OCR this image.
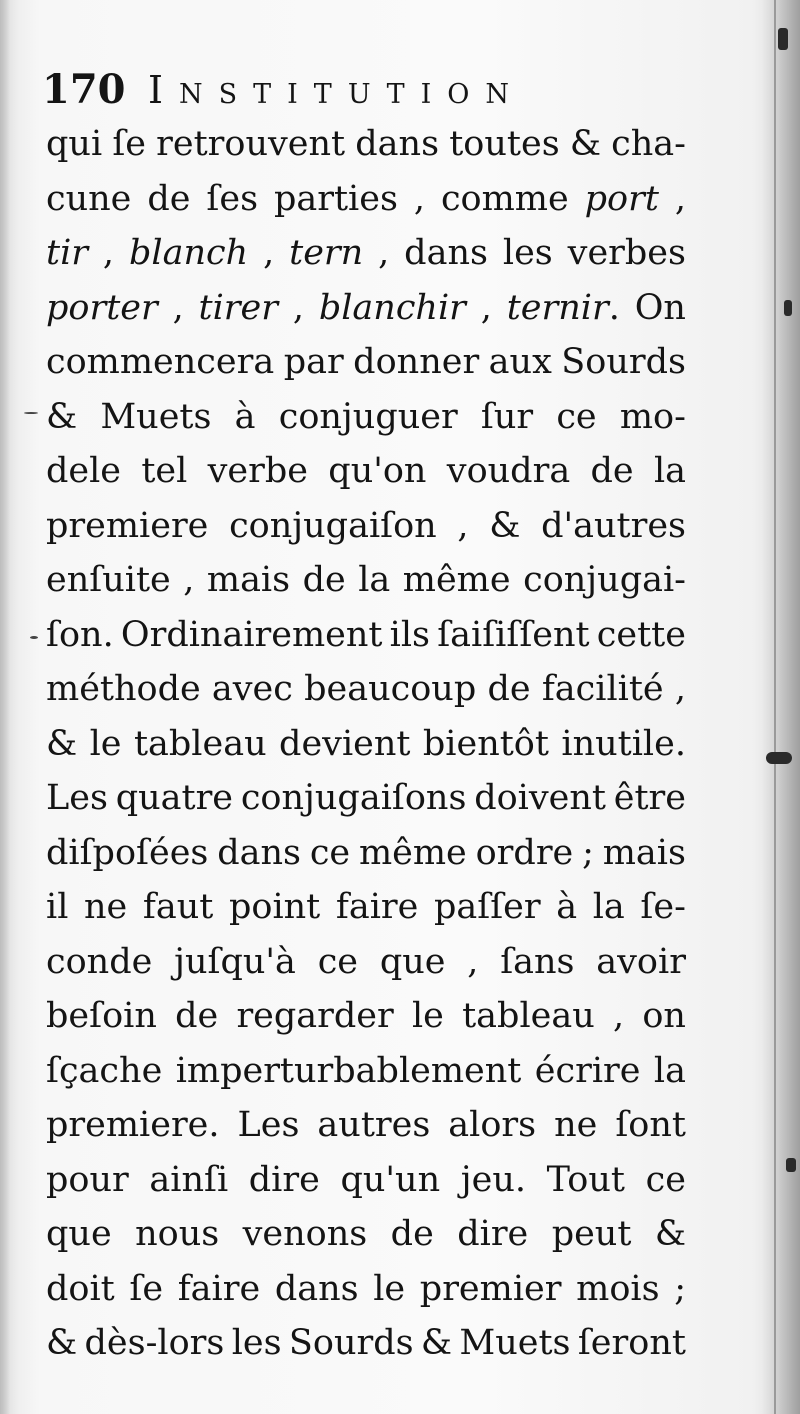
170 Institution
qui ſe retrouvent dans toutes & cha-
cune de ſes parties , comme port ,
tir , blanch , tern , dans les verbes
porter , tirer , blanchir , ternir. On
commencera par donner aux Sourds
& Muets à conjuguer ſur ce mo-
dele tel verbe qu'on voudra de la
premiere conjugaiſon , & d'autres
enſuite , mais de la même conjugai-
ſon. Ordinairement ils ſaiſiſſent cette
méthode avec beaucoup de facilité ,
& le tableau devient bientôt inutile.
Les quatre conjugaiſons doivent être
diſpoſées dans ce même ordre ; mais
il ne faut point faire paſſer à la ſe-
conde juſqu'à ce que , ſans avoir
beſoin de regarder le tableau , on
ſçache imperturbablement écrire la
premiere. Les autres alors ne ſont
pour ainſi dire qu'un jeu. Tout ce
que nous venons de dire peut &
doit ſe faire dans le premier mois ;
& dès-lors les Sourds & Muets ſeront
